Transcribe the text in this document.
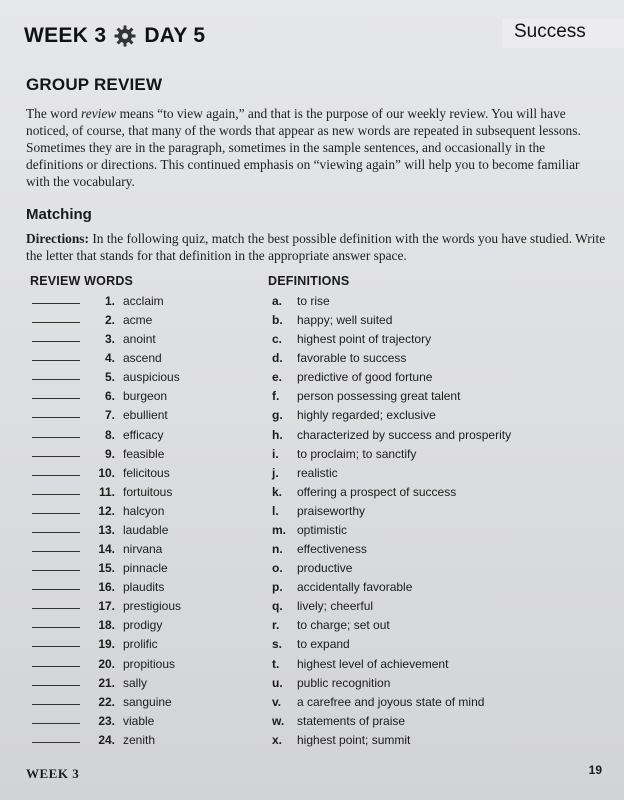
WEEK 3 DAY 5	Success
GROUP REVIEW

The word review means “to view again,” and that is the purpose of our weekly review. You will have noticed, of course, that many of the words that appear as new words are repeated in subsequent lessons. Sometimes they are in the paragraph, sometimes in the sample sentences, and occasionally in the definitions or directions. This continued emphasis on “viewing again” will help you to become familiar with the vocabulary.

Matching

Directions: In the following quiz, match the best possible definition with the words you have studied. Write the letter that stands for that definition in the appropriate answer space.

REVIEW WORDS	DEFINITIONS
1. acclaim	a.	to rise
2. acme	b.	happy; well suited
3. anoint	c.	highest point of trajectory
4. ascend	d.	favorable to success
5. auspicious	e.	predictive of good fortune
6. burgeon	f.	person possessing great talent
7. ebullient	g.	highly regarded; exclusive
8. efficacy	h.	characterized by success and prosperity
9. feasible	i.	to proclaim; to sanctify
10. felicitous	j.	realistic
11. fortuitous	k.	offering a prospect of success
12. halcyon	l.	praiseworthy
13. laudable	m. optimistic
14. nirvana	n.	effectiveness
15. pinnacle	o.	productive
16. plaudits	p.	accidentally favorable
17. prestigious	q.	lively; cheerful
18. prodigy	r.	to charge; set out
19. prolific	s.	to expand
20. propitious	t.	highest level of achievement
21. sally	u.	public recognition
22. sanguine	v.	a carefree and joyous state of mind
23. viable	w.	statements of praise
24. zenith	x.	highest point; summit
WEEK 3	19
